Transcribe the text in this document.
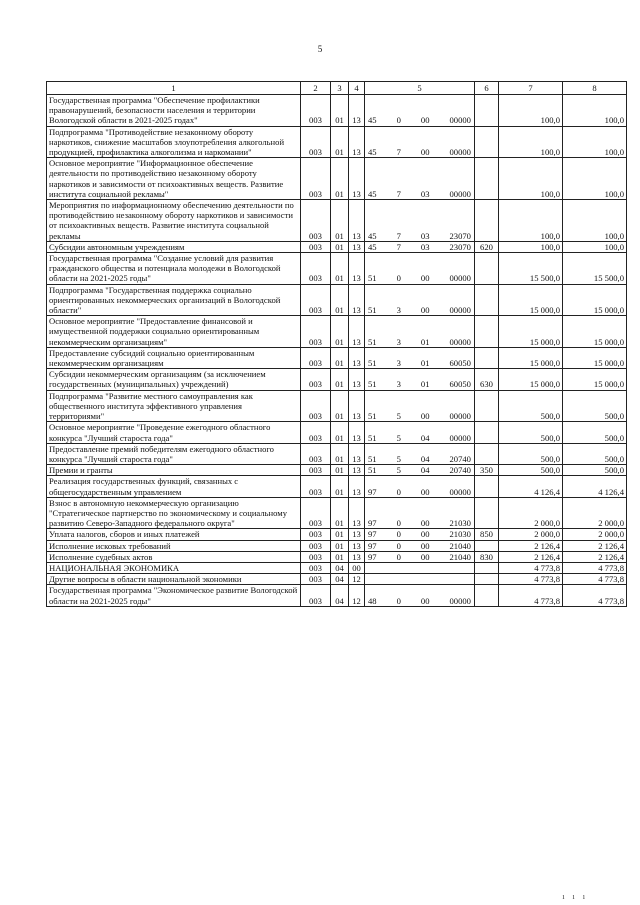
5
1	2	3	4	5	6	7	8
Государственная программа "Обеспечение профилактики правонарушений, безопасности населения и территории Вологодской области в 2021-2025 годах"	003	01	13	45 0 00 00000		100,0	100,0
Подпрограмма "Противодействие незаконному обороту наркотиков, снижение масштабов злоупотребления алкогольной продукцией, профилактика алкоголизма и наркомании"	003	01	13	45 7 00 00000		100,0	100,0
Основное мероприятие "Информационное обеспечение деятельности по противодействию незаконному обороту наркотиков и зависимости от психоактивных веществ. Развитие института социальной рекламы"	003	01	13	45 7 03 00000		100,0	100,0
Мероприятия по информационному обеспечению деятельности по противодействию незаконному обороту наркотиков и зависимости от психоактивных веществ. Развитие института социальной рекламы	003	01	13	45 7 03 23070		100,0	100,0
Субсидии автономным учреждениям	003	01	13	45 7 03 23070	620	100,0	100,0
Государственная программа "Создание условий для развития гражданского общества и потенциала молодежи в Вологодской области на 2021-2025 годы"	003	01	13	51 0 00 00000		15 500,0	15 500,0
Подпрограмма "Государственная поддержка социально ориентированных некоммерческих организаций в Вологодской области"	003	01	13	51 3 00 00000		15 000,0	15 000,0
Основное мероприятие "Предоставление финансовой и имущественной поддержки социально ориентированным некоммерческим организациям"	003	01	13	51 3 01 00000		15 000,0	15 000,0
Предоставление субсидий социально ориентированным некоммерческим организациям	003	01	13	51 3 01 60050		15 000,0	15 000,0
Субсидии некоммерческим организациям (за исключением государственных (муниципальных) учреждений)	003	01	13	51 3 01 60050	630	15 000,0	15 000,0
Подпрограмма "Развитие местного самоуправления как общественного института эффективного управления территориями"	003	01	13	51 5 00 00000		500,0	500,0
Основное мероприятие "Проведение ежегодного областного конкурса "Лучший староста года"	003	01	13	51 5 04 00000		500,0	500,0
Предоставление премий победителям ежегодного областного конкурса "Лучший староста года"	003	01	13	51 5 04 20740		500,0	500,0
Премии и гранты	003	01	13	51 5 04 20740	350	500,0	500,0
Реализация государственных функций, связанных с общегосударственным управлением	003	01	13	97 0 00 00000		4 126,4	4 126,4
Взнос в автономную некоммерческую организацию "Стратегическое партнерство по экономическому и социальному развитию Северо-Западного федерального округа"	003	01	13	97 0 00 21030		2 000,0	2 000,0
Уплата налогов, сборов и иных платежей	003	01	13	97 0 00 21030	850	2 000,0	2 000,0
Исполнение исковых требований	003	01	13	97 0 00 21040		2 126,4	2 126,4
Исполнение судебных актов	003	01	13	97 0 00 21040	830	2 126,4	2 126,4
НАЦИОНАЛЬНАЯ ЭКОНОМИКА	003	04	00			4 773,8	4 773,8
Другие вопросы в области национальной экономики	003	04	12			4 773,8	4 773,8
Государственная программа "Экономическое развитие Вологодской области на 2021-2025 годы"	003	04	12	48 0 00 00000		4 773,8	4 773,8
ı ı ı
